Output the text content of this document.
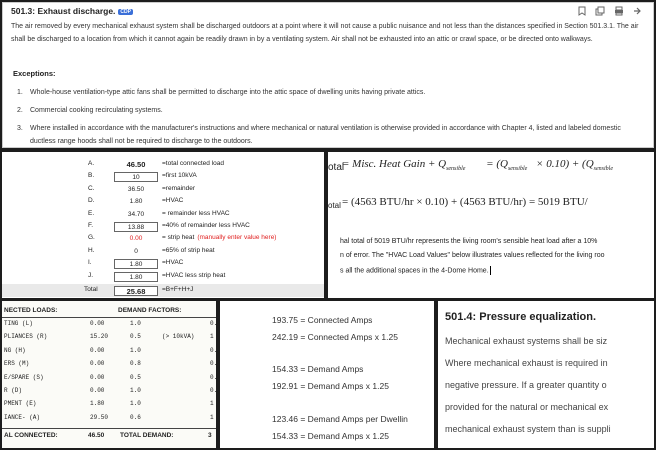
501.3: Exhaust discharge. CDP
The air removed by every mechanical exhaust system shall be discharged outdoors at a point where it will not cause a public nuisance and not less than the distances specified in Section 501.3.1. The air shall be discharged to a location from which it cannot again be readily drawn in by a ventilating system. Air shall not be exhausted into an attic or crawl space, or be directed onto walkways.
Exceptions:
1. Whole-house ventilation-type attic fans shall be permitted to discharge into the attic space of dwelling units having private attics.
2. Commercial cooking recirculating systems.
3. Where installed in accordance with the manufacturer's instructions and where mechanical or natural ventilation is otherwise provided in accordance with Chapter 4, listed and labeled domestic ductless range hoods shall not be required to discharge to the outdoors.
A.	46.50	=total connected load
B.	10	=first 10kVA
C.	36.50	=remainder
D.	1.80	=HVAC
E.	34.70	= remainder less HVAC
F.	13.88	=40% of remainder less HVAC
G.	0.00	= strip heat (manually enter value here)
H.	0	=65% of strip heat
I.	1.80	=HVAC
J.	1.80	=HVAC less strip heat
Total	25.68	=B+F+H+J
otal
= Misc. Heat Gain + $Q_{sensible} = (Q_{sensible} \times 0.10) + (Q_{sensible}$
otal = (4563 BTU/hr × 0.10) + (4563 BTU/hr) = 5019 BTU/
hal total of 5019 BTU/hr represents the living room's sensible heat load after a 10%
n of error. The "HVAC Load Values" below illustrates values reflected for the living roo
s all the additional spaces in the 4-Dome Home.
NECTED LOADS:	DEMAND FACTORS:
TING (L)	0.00	1.0	0.
PLIANCES (R)	15.20	0.5	(> 10kVA)	1
NG (H)	0.00	1.0	0.
ERS (M)	0.00	0.8	0.
E/SPARE (S)	0.00	0.5	0.
R (D)	0.00	1.0	0.
PMENT (E)	1.80	1.0	1
IANCE- (A)	29.50	0.6	1
AL CONNECTED:	46.50 TOTAL DEMAND:	3
193.75 = Connected Amps
242.19 = Connected Amps x 1.25
154.33 = Demand Amps
192.91 = Demand Amps x 1.25
123.46 = Demand Amps per Dwellin
154.33 = Demand Amps x 1.25
501.4: Pressure equalization.
Mechanical exhaust systems shall be siz
Where mechanical exhaust is required in
negative pressure. If a greater quantity o
provided for the natural or mechanical ex
mechanical exhaust system than is suppli
